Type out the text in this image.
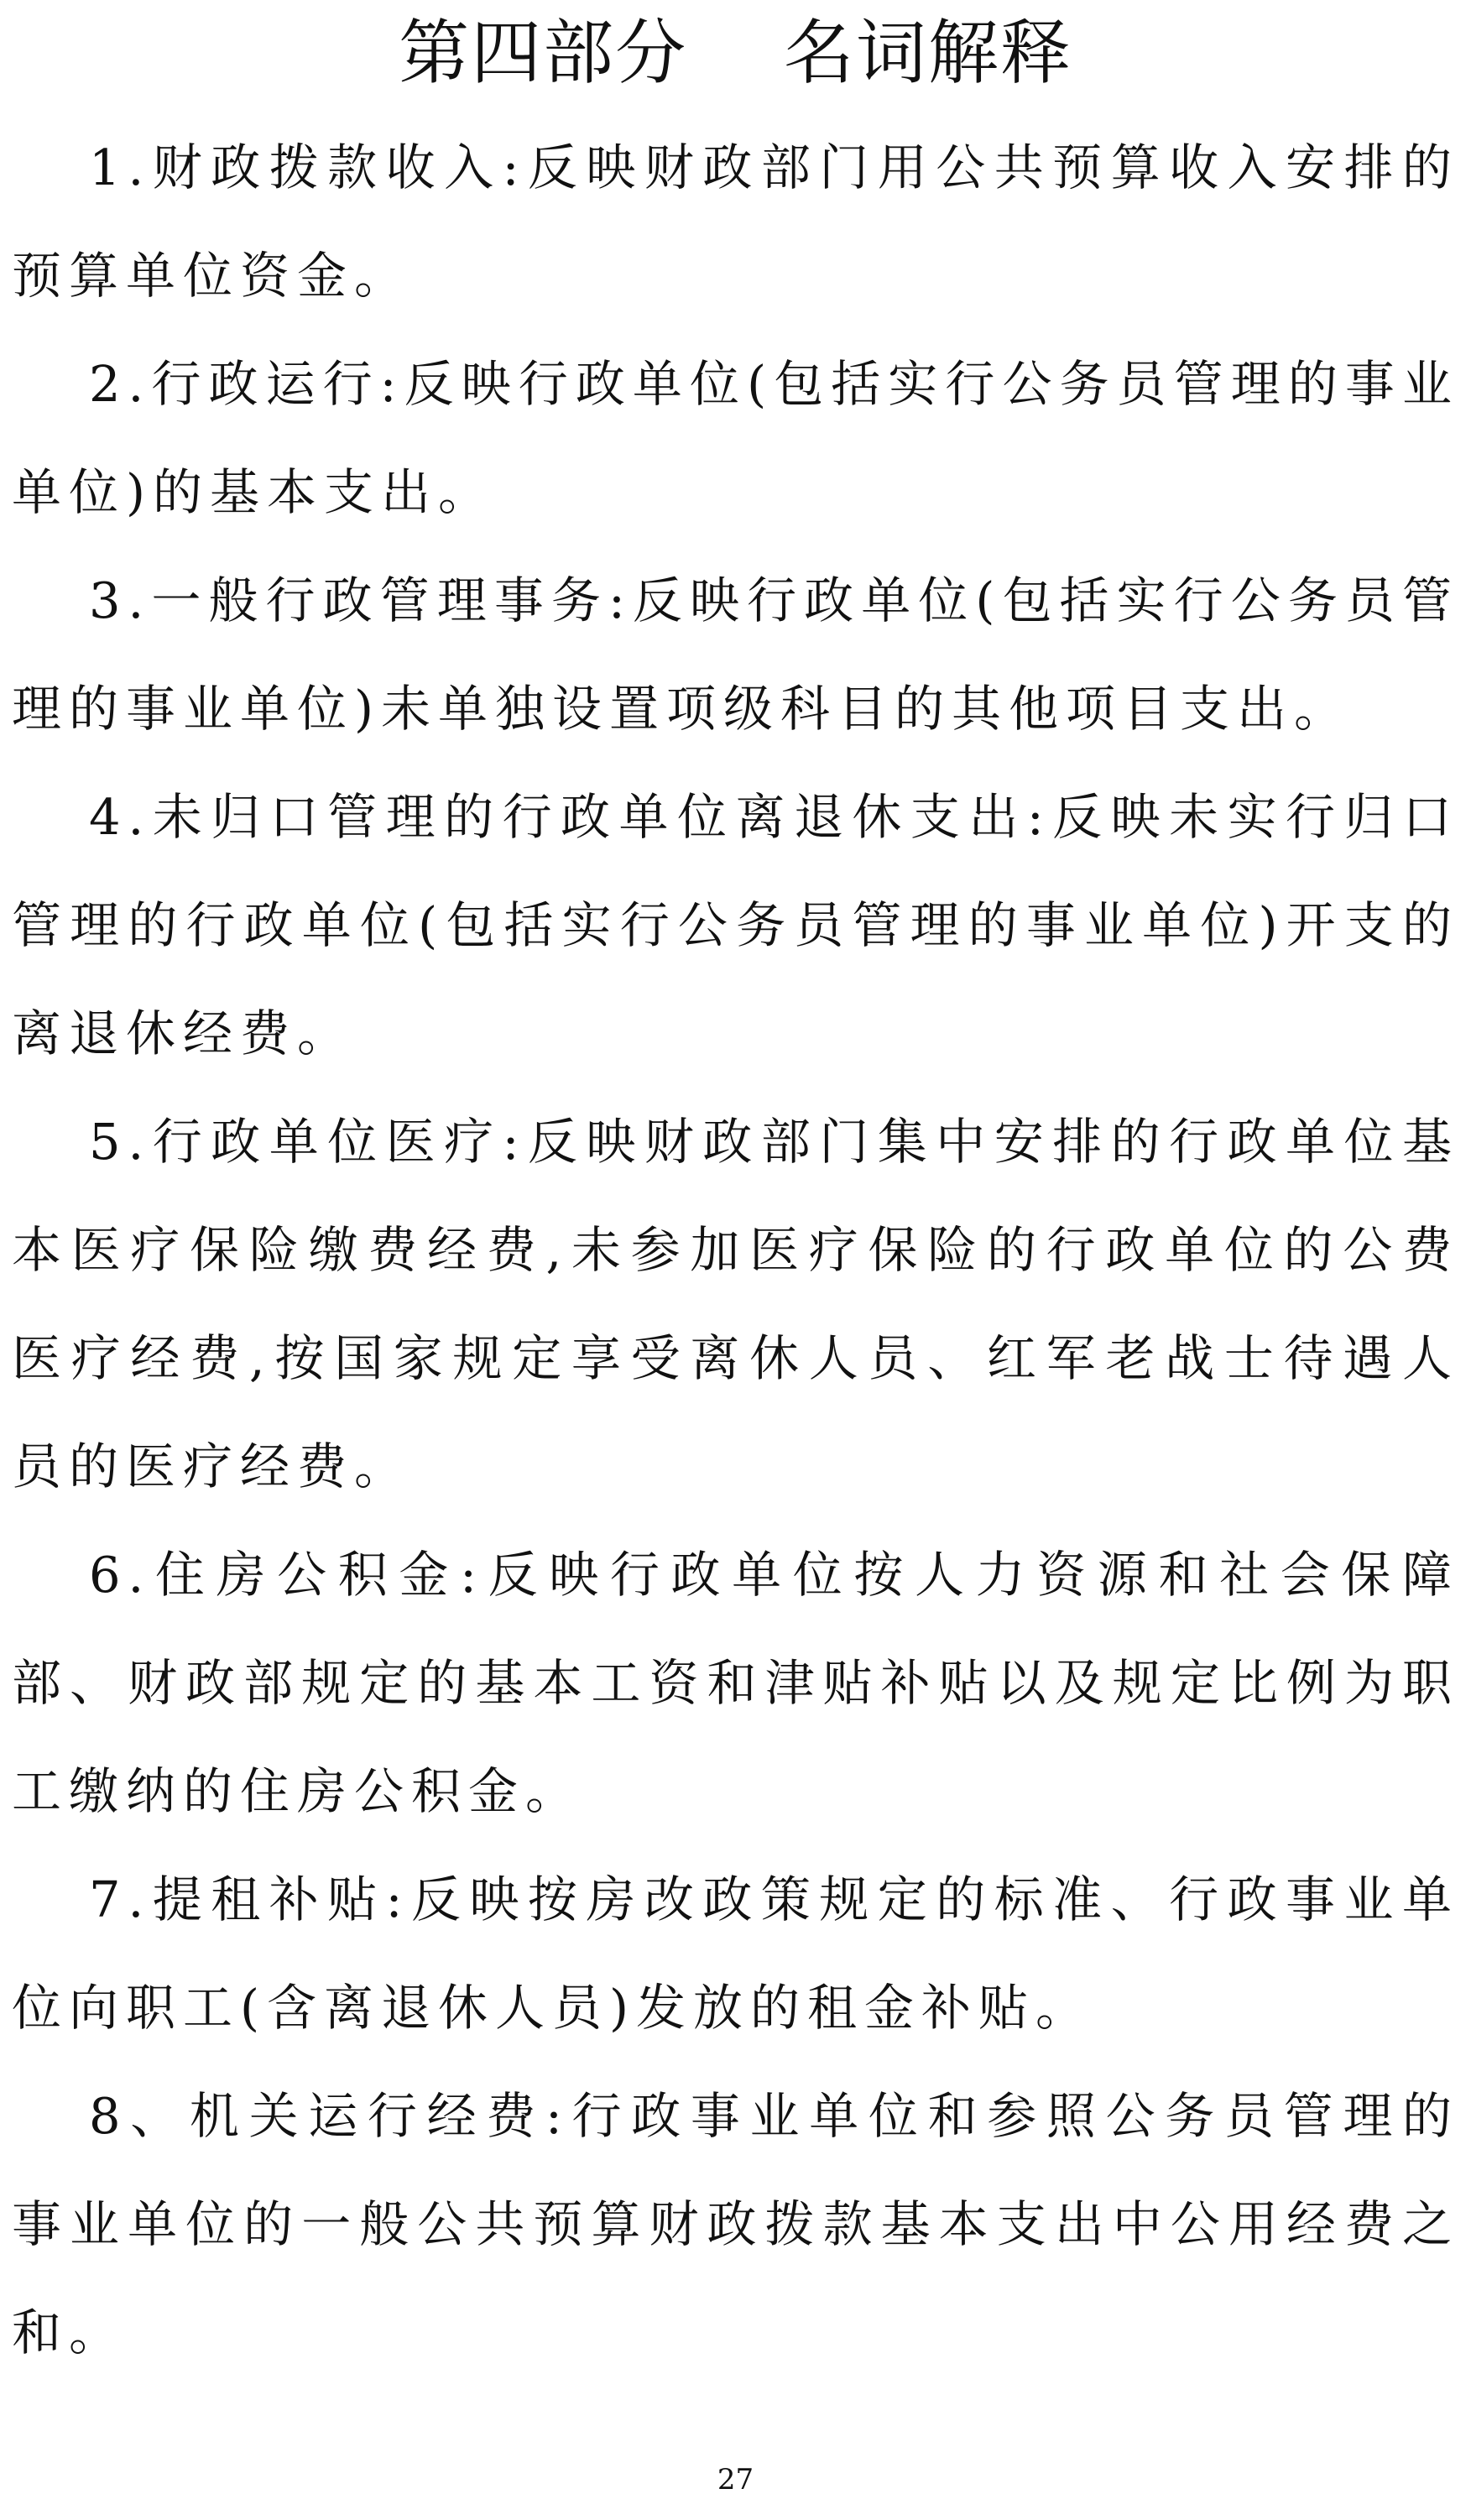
第四部分    名词解释

1.财政拨款收入:反映财政部门用公共预算收入安排的预算单位资金。

2.行政运行:反映行政单位(包括实行公务员管理的事业单位)的基本支出。

3.一般行政管理事务:反映行政单位(包括实行公务员管理的事业单位)未单独设置项级科目的其他项目支出。

4.未归口管理的行政单位离退休支出:反映未实行归口管理的行政单位(包括实行公务员管理的事业单位)开支的离退休经费。

5.行政单位医疗:反映财政部门集中安排的行政单位基本医疗保险缴费经费,未参加医疗保险的行政单位的公费医疗经费,按国家规定享受离休人员、红军老战士待遇人员的医疗经费。

6.住房公积金:反映行政单位按人力资源和社会保障部、财政部规定的基本工资和津贴补贴以及规定比例为职工缴纳的住房公积金。

7.提租补贴:反映按房改政策规定的标准、行政事业单位向职工(含离退休人员)发放的租金补贴。

8、机关运行经费:行政事业单位和参照公务员管理的事业单位的一般公共预算财政拨款基本支出中公用经费之和。

27
